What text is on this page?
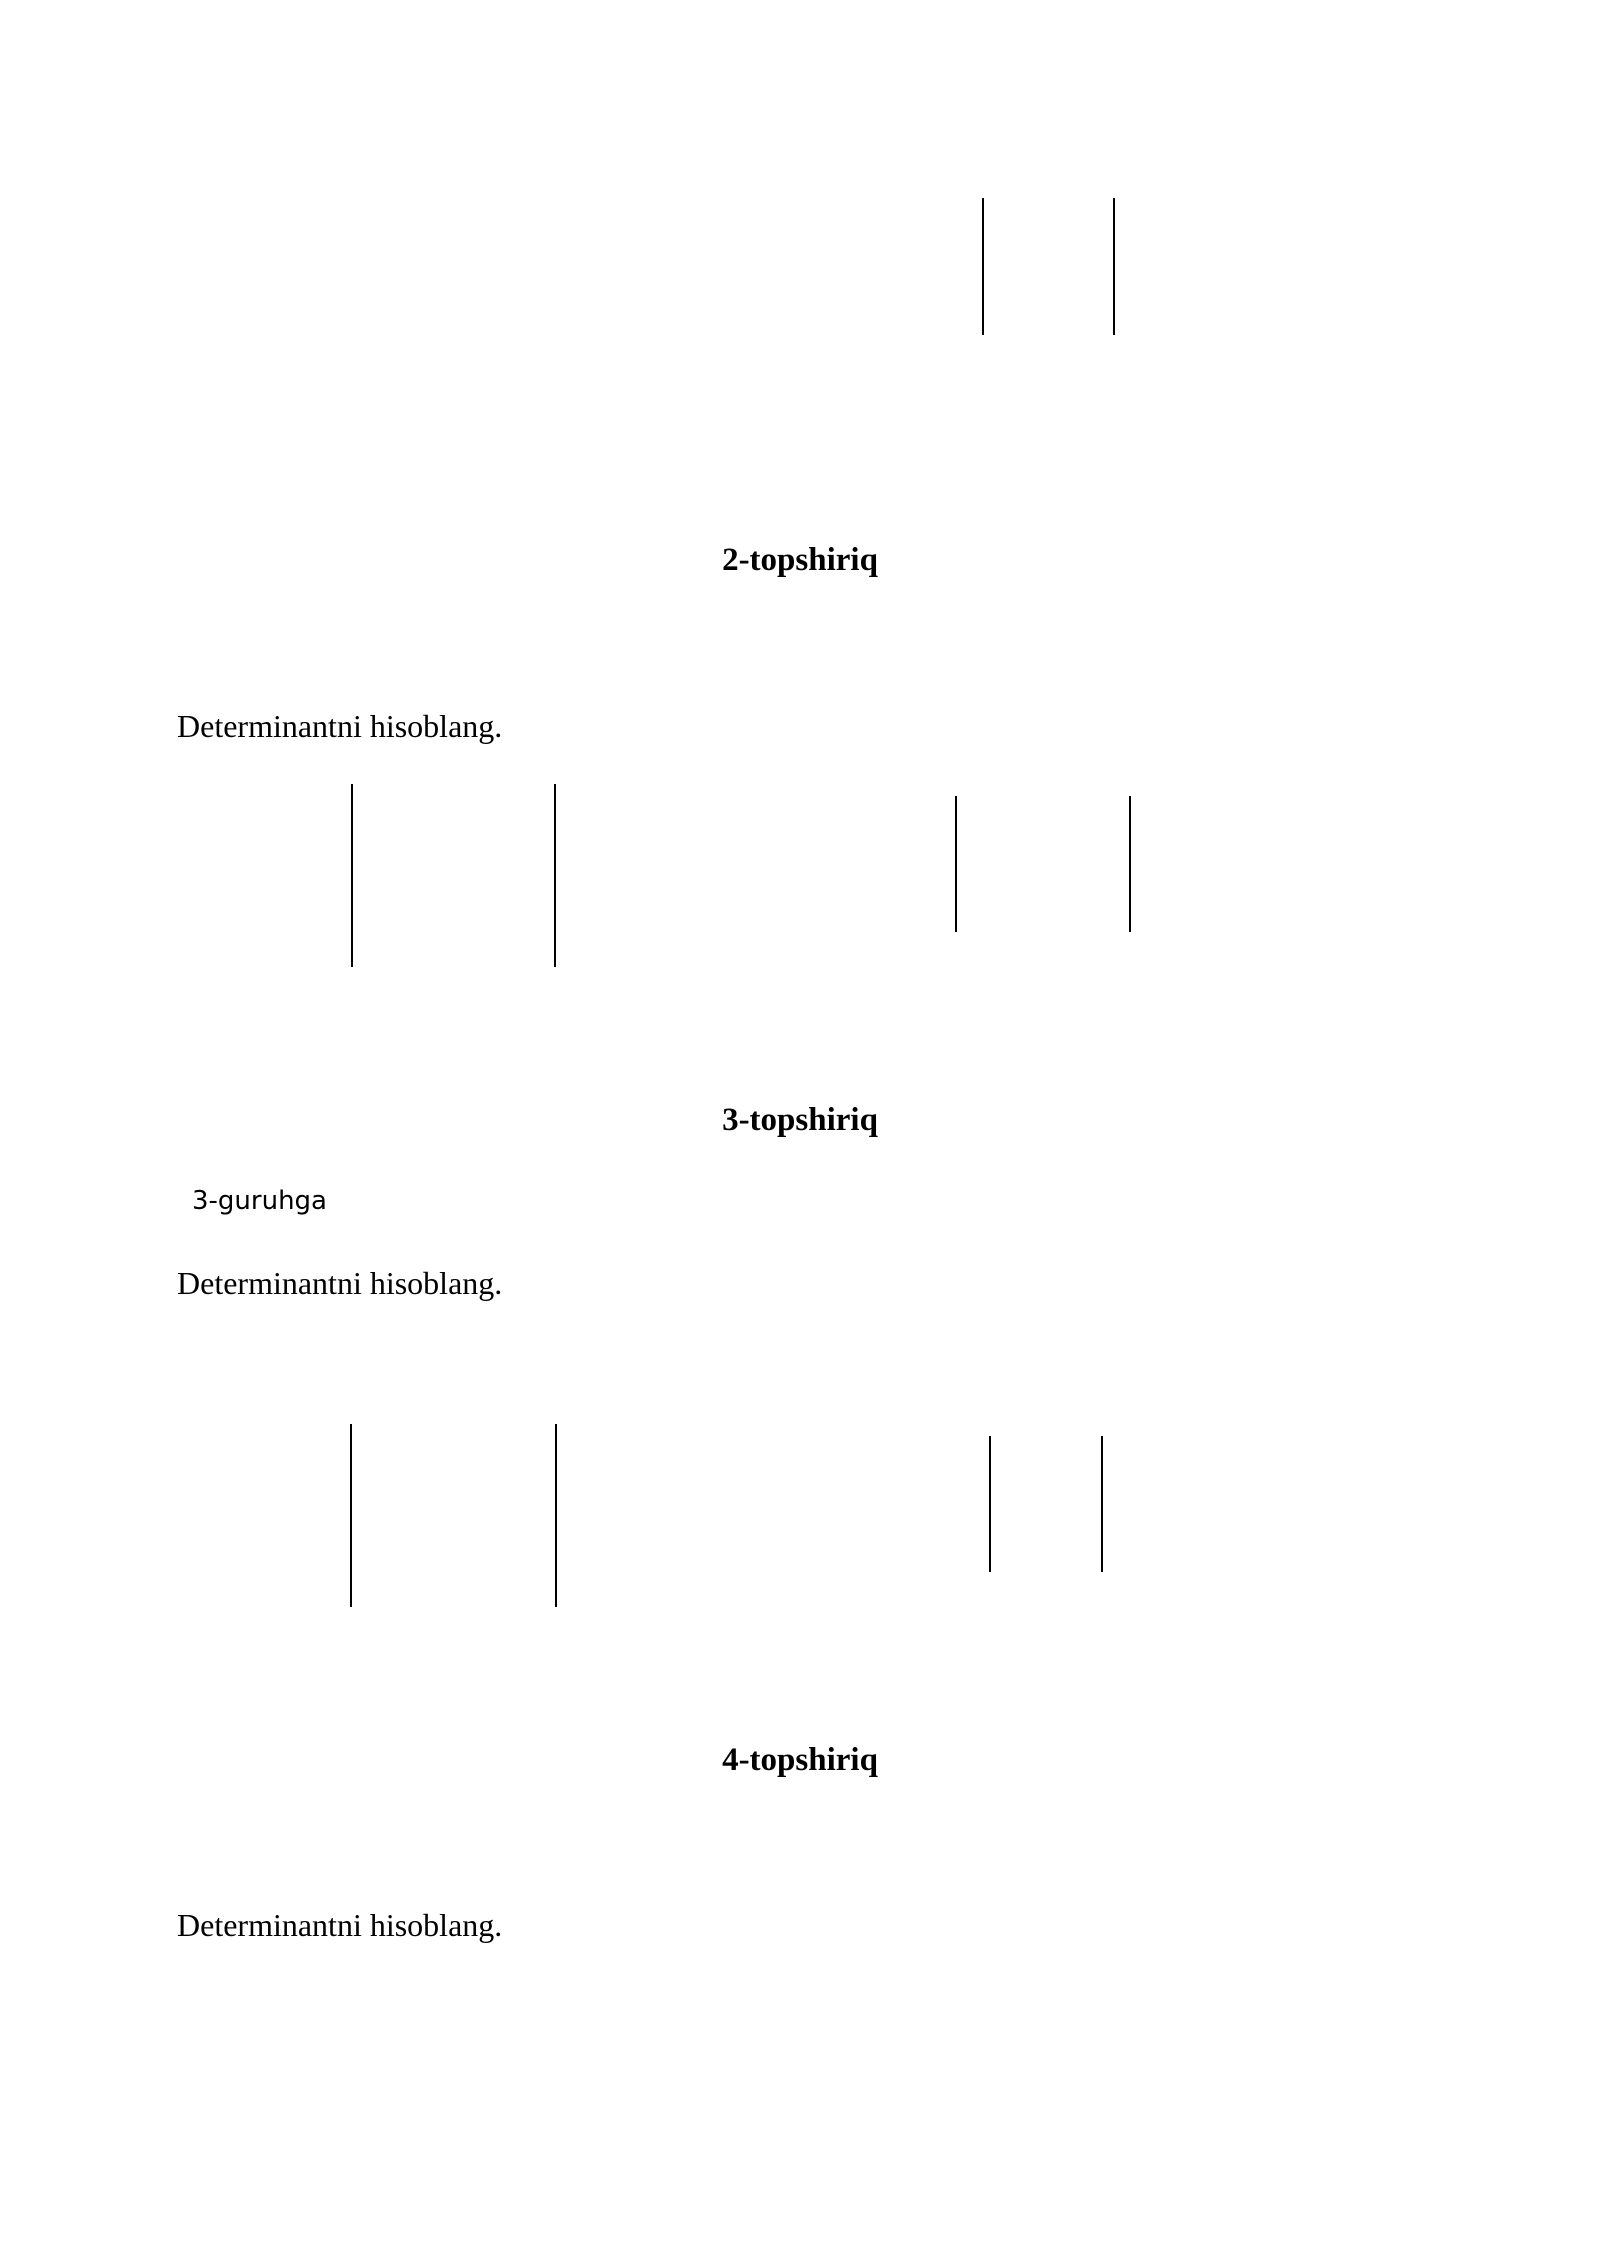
2-topshiriq
Determinantni hisoblang.
3-topshiriq
3-guruhga
Determinantni hisoblang.
4-topshiriq
Determinantni hisoblang.
